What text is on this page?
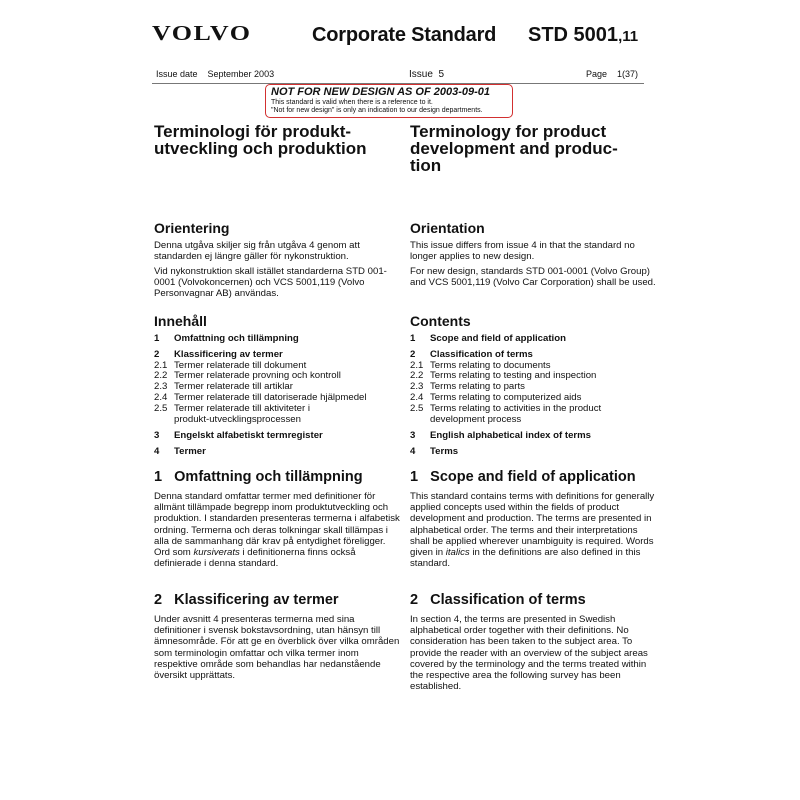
VOLVO	Corporate Standard STD 5001,11
Issue date    September 2003	Issue  5	Page    1(37)
NOT FOR NEW DESIGN AS OF 2003-09-01
This standard is valid when there is a reference to it.
"Not for new design" is only an indication to our design departments.
Terminologi för produkt-utveckling och produktion
Orientering
Denna utgåva skiljer sig från utgåva 4 genom att standarden ej längre gäller för nykonstruktion.
Vid nykonstruktion skall istället standarderna STD 001-0001 (Volvokoncernen) och VCS 5001,119 (Volvo Personvagnar AB) användas.
Innehåll
1	Omfattning och tillämpning
2	Klassificering av termer
2.1 Termer relaterade till dokument
2.2 Termer relaterade provning och kontroll
2.3 Termer relaterade till artiklar
2.4 Termer relaterade till datoriserade hjälpmedel
2.5 Termer relaterade till aktiviteter i produkt-utvecklingsprocessen
3	Engelskt alfabetiskt termregister
4	Termer
1   Omfattning och tillämpning
Denna standard omfattar termer med definitioner för allmänt tillämpade begrepp inom produktutveckling och produktion. I standarden presenteras termerna i alfabetisk ordning. Termerna och deras tolkningar skall tillämpas i alla de sammanhang där krav på entydighet föreligger. Ord som kursiverats i definitionerna finns också definierade i denna standard.
2   Klassificering av termer
Under avsnitt 4 presenteras termerna med sina definitioner i svensk bokstavsordning, utan hänsyn till ämnesområde. För att ge en överblick över vilka områden som terminologin omfattar och vilka termer inom respektive område som behandlas har nedanstående översikt upprättats.
Terminology for product development and produc-tion
Orientation
This issue differs from issue 4 in that the standard no longer applies to new design.
For new design, standards STD 001-0001 (Volvo Group) and VCS 5001,119 (Volvo Car Corporation) shall be used.
Contents
1	Scope and field of application
2	Classification of terms
2.1 Terms relating to documents
2.2 Terms relating to testing and inspection
2.3 Terms relating to parts
2.4 Terms relating to computerized aids
2.5 Terms relating to activities in the product development process
3	English alphabetical index of terms
4	Terms
1   Scope and field of application
This standard contains terms with definitions for generally applied concepts used within the fields of product development and production. The terms are presented in alphabetical order. The terms and their interpretations shall be applied wherever unambiguity is required. Words given in italics in the definitions are also defined in this standard.
2   Classification of terms
In section 4, the terms are presented in Swedish alphabetical order together with their definitions. No consideration has been taken to the subject area. To provide the reader with an overview of the subject areas covered by the terminology and the terms treated within the respective area the following survey has been established.
